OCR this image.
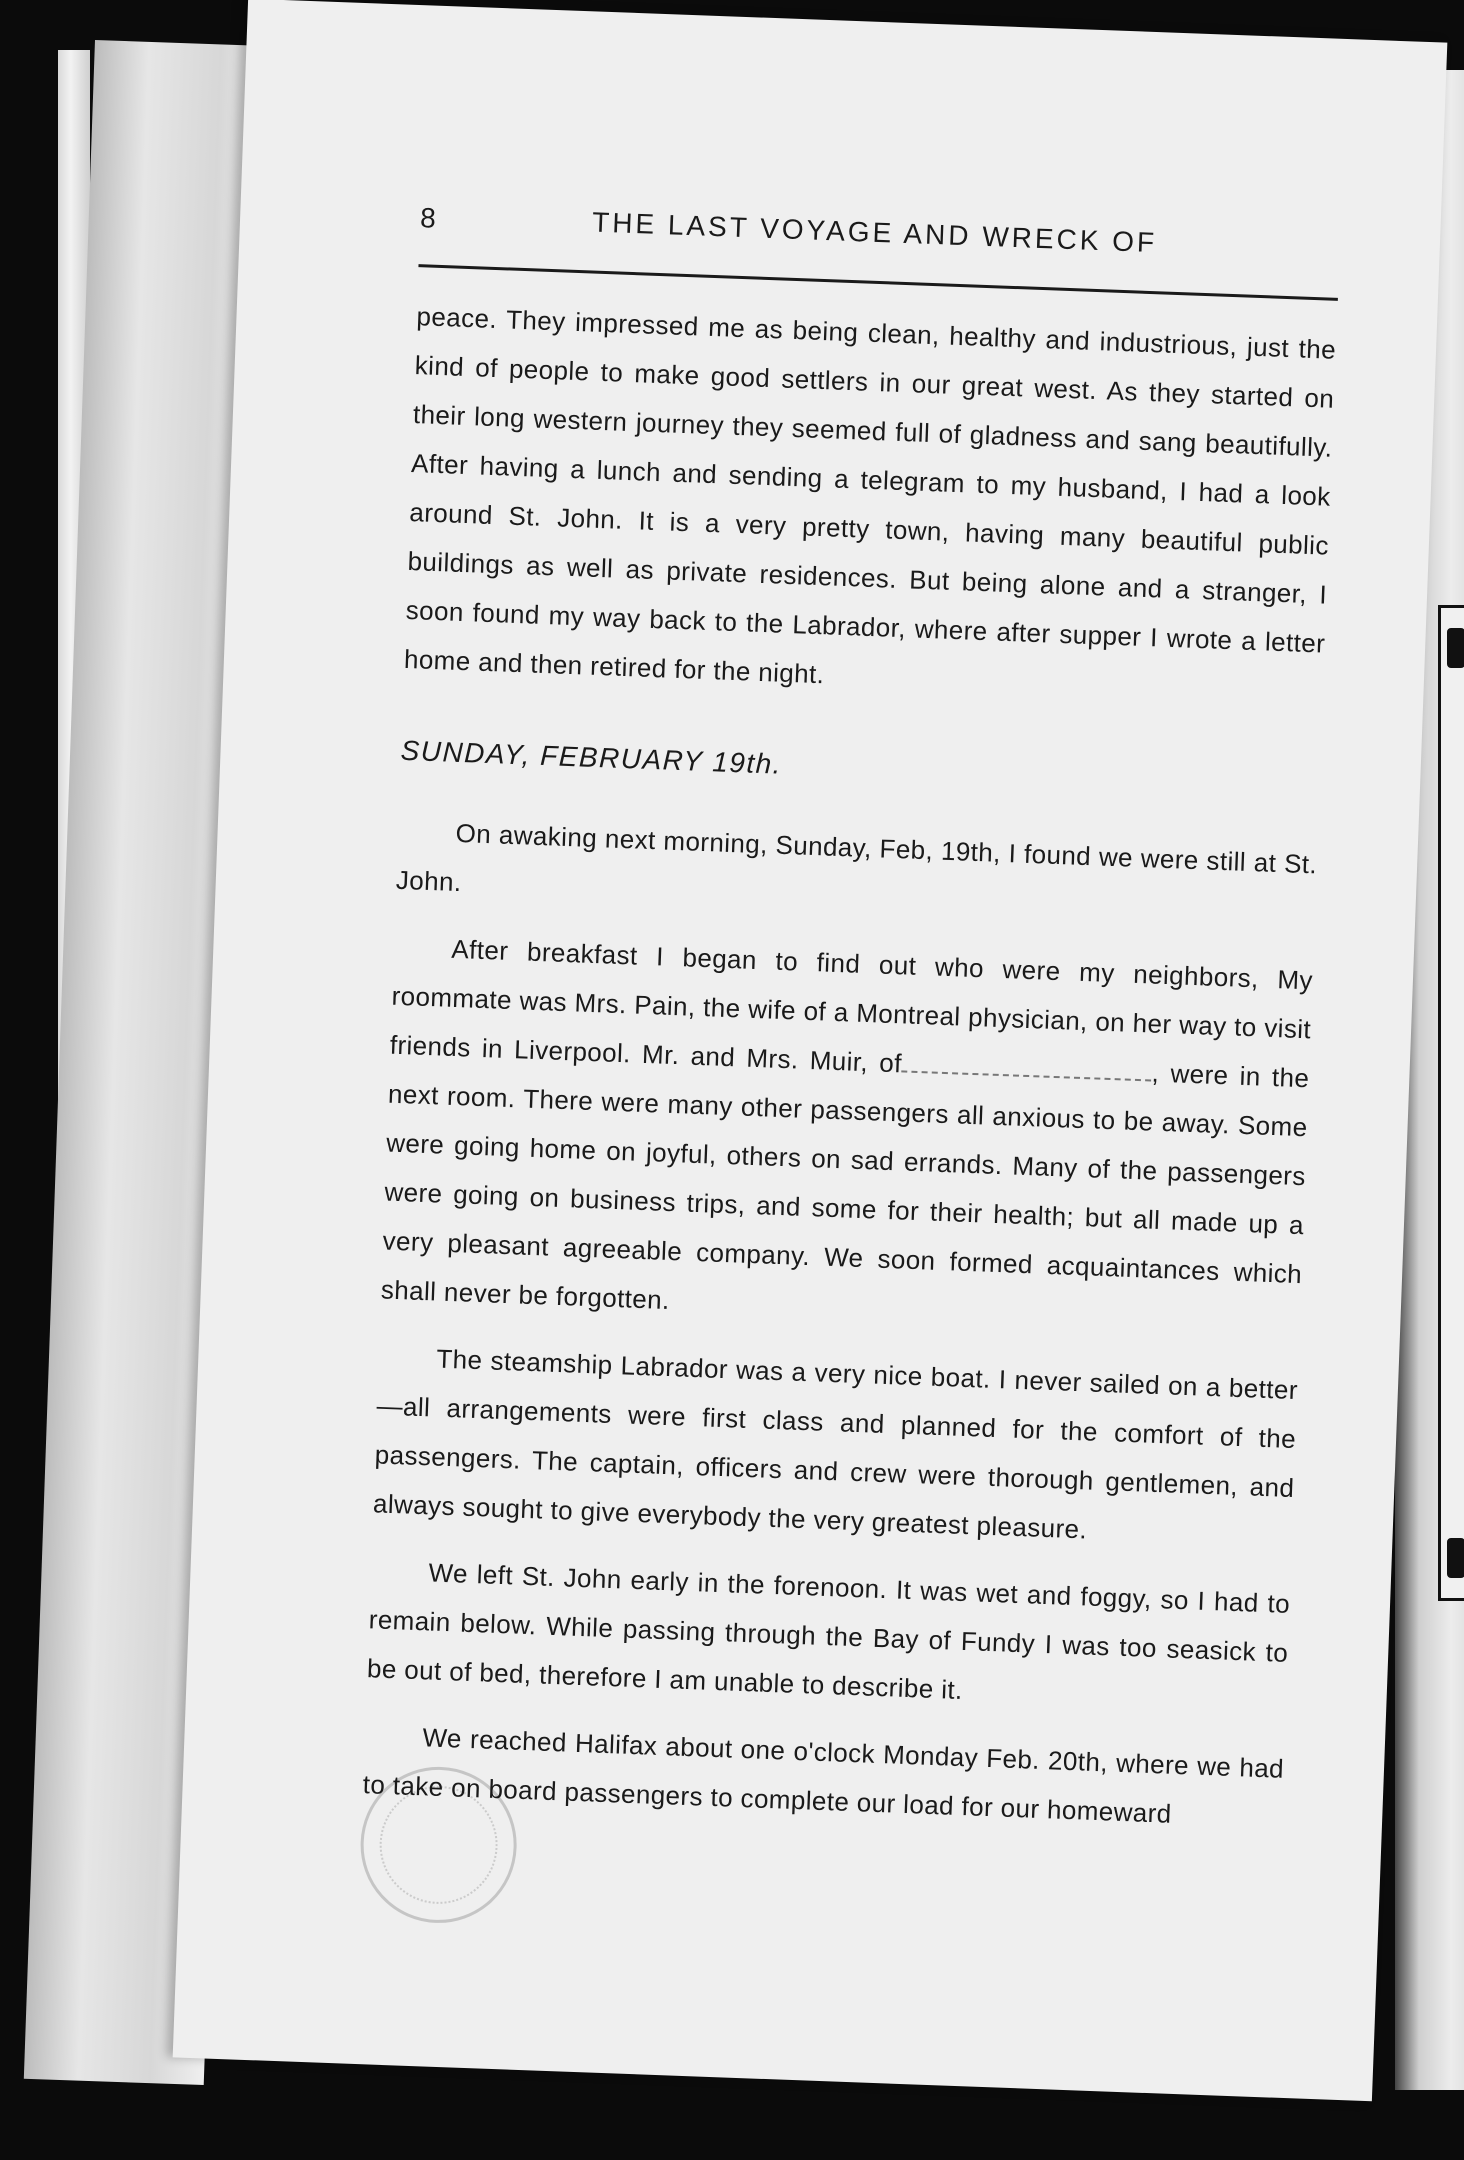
8	THE LAST VOYAGE AND WRECK OF

peace. They impressed me as being clean, healthy and industrious, just the kind of people to make good settlers in our great west. As they started on their long western journey they seemed full of gladness and sang beautifully. After having a lunch and sending a telegram to my husband, I had a look around St. John. It is a very pretty town, having many beautiful public buildings as well as private residences. But being alone and a stranger, I soon found my way back to the Labrador, where after supper I wrote a letter home and then retired for the night.

SUNDAY, FEBRUARY 19th.

On awaking next morning, Sunday, Feb, 19th, I found we were still at St. John.

After breakfast I began to find out who were my neighbors, My roommate was Mrs. Pain, the wife of a Montreal physician, on her way to visit friends in Liverpool. Mr. and Mrs. Muir, of	, were in the next room. There were many other passengers all anxious to be away. Some were going home on joyful, others on sad errands. Many of the passengers were going on business trips, and some for their health; but all made up a very pleasant agreeable company. We soon formed acquaintances which shall never be forgotten.

The steamship Labrador was a very nice boat. I never sailed on a better—all arrangements were first class and planned for the comfort of the passengers. The captain, officers and crew were thorough gentlemen, and always sought to give everybody the very greatest pleasure.

We left St. John early in the forenoon. It was wet and foggy, so I had to remain below. While passing through the Bay of Fundy I was too seasick to be out of bed, therefore I am unable to describe it.

We reached Halifax about one o'clock Monday Feb. 20th, where we had to take on board passengers to complete our load for our homeward
